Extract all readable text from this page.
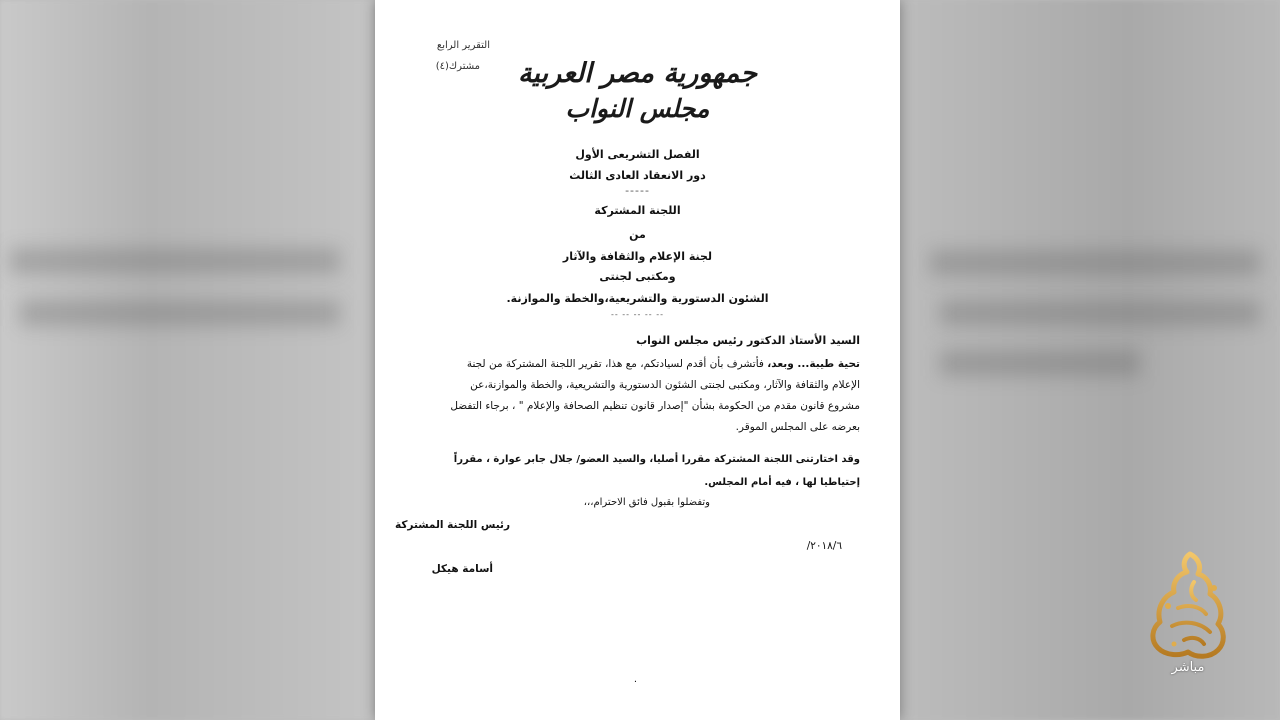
التقرير الرابع
مشترك(٤)	جمهورية مصر العربية
مجلس النواب
الفصل التشريعى الأول
دور الانعقاد العادى الثالث
-----
اللجنة المشتركة
من
لجنة الإعلام والثقافة والآثار
ومكتبى لجنتى
الشئون الدستورية والتشريعية،والخطة والموازنة.
-- -- -- -- --
السيد الأستاذ الدكتور رئيس مجلس النواب
تحية طيبة... وبعد، فأتشرف بأن أقدم لسيادتكم، مع هذا، تقرير اللجنة المشتركة من لجنة
الإعلام والثقافة والآثار، ومكتبى لجنتى الشئون الدستورية والتشريعية، والخطة والموازنة،عن
مشروع قانون مقدم من الحكومة بشأن "إصدار قانون تنظيم الصحافة والإعلام " ، برجاء التفضل
بعرضه على المجلس الموقر.
وقد اختارتنى اللجنة المشتركة مقررا أصليا، والسيد العضو/ جلال جابر عوارة ، مقرراً
إحتياطيا لها ، فيه أمام المجلس.
وتفضلوا بقبول فائق الاحترام،،،
رئيس اللجنة المشتركة
٢٠١٨/٦/
أسامة هيكل
.
مباشر
